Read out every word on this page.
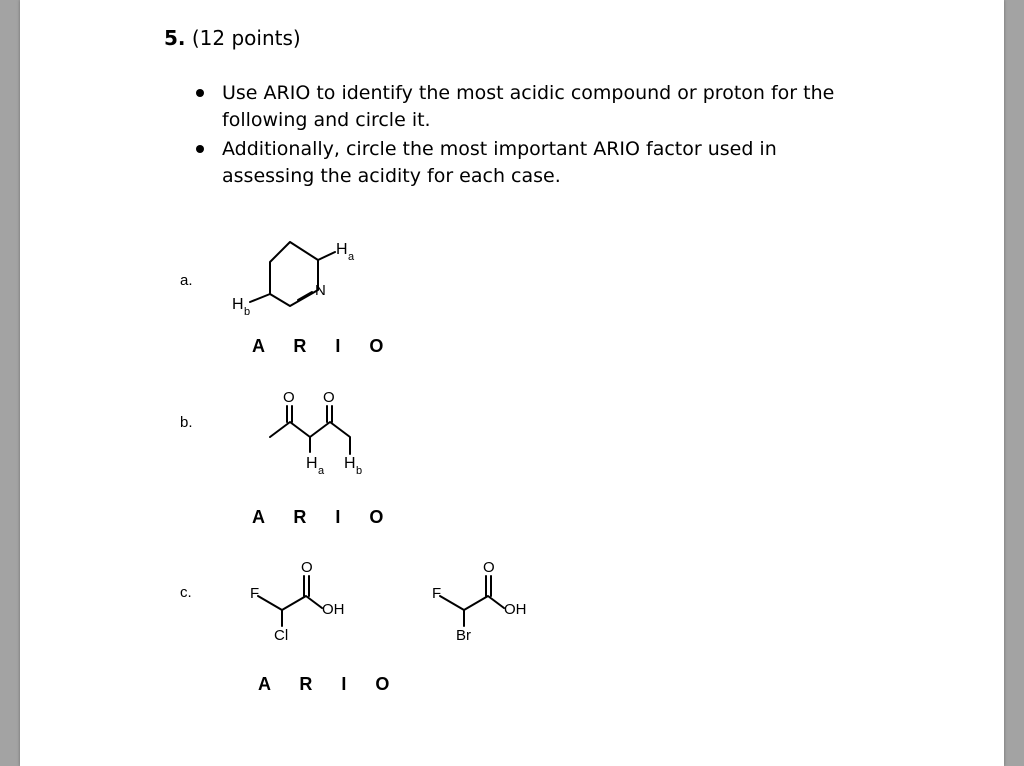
5. (12 points)
Use ARIO to identify the most acidic compound or proton for the following and circle it.
Additionally, circle the most important ARIO factor used in assessing the acidity for each case.
a.
N
H a
H b
A R I O
b.
O O
H a H b
A R I O
c.	F
O
OH
Cl
F
O
OH
Br
A R I O
